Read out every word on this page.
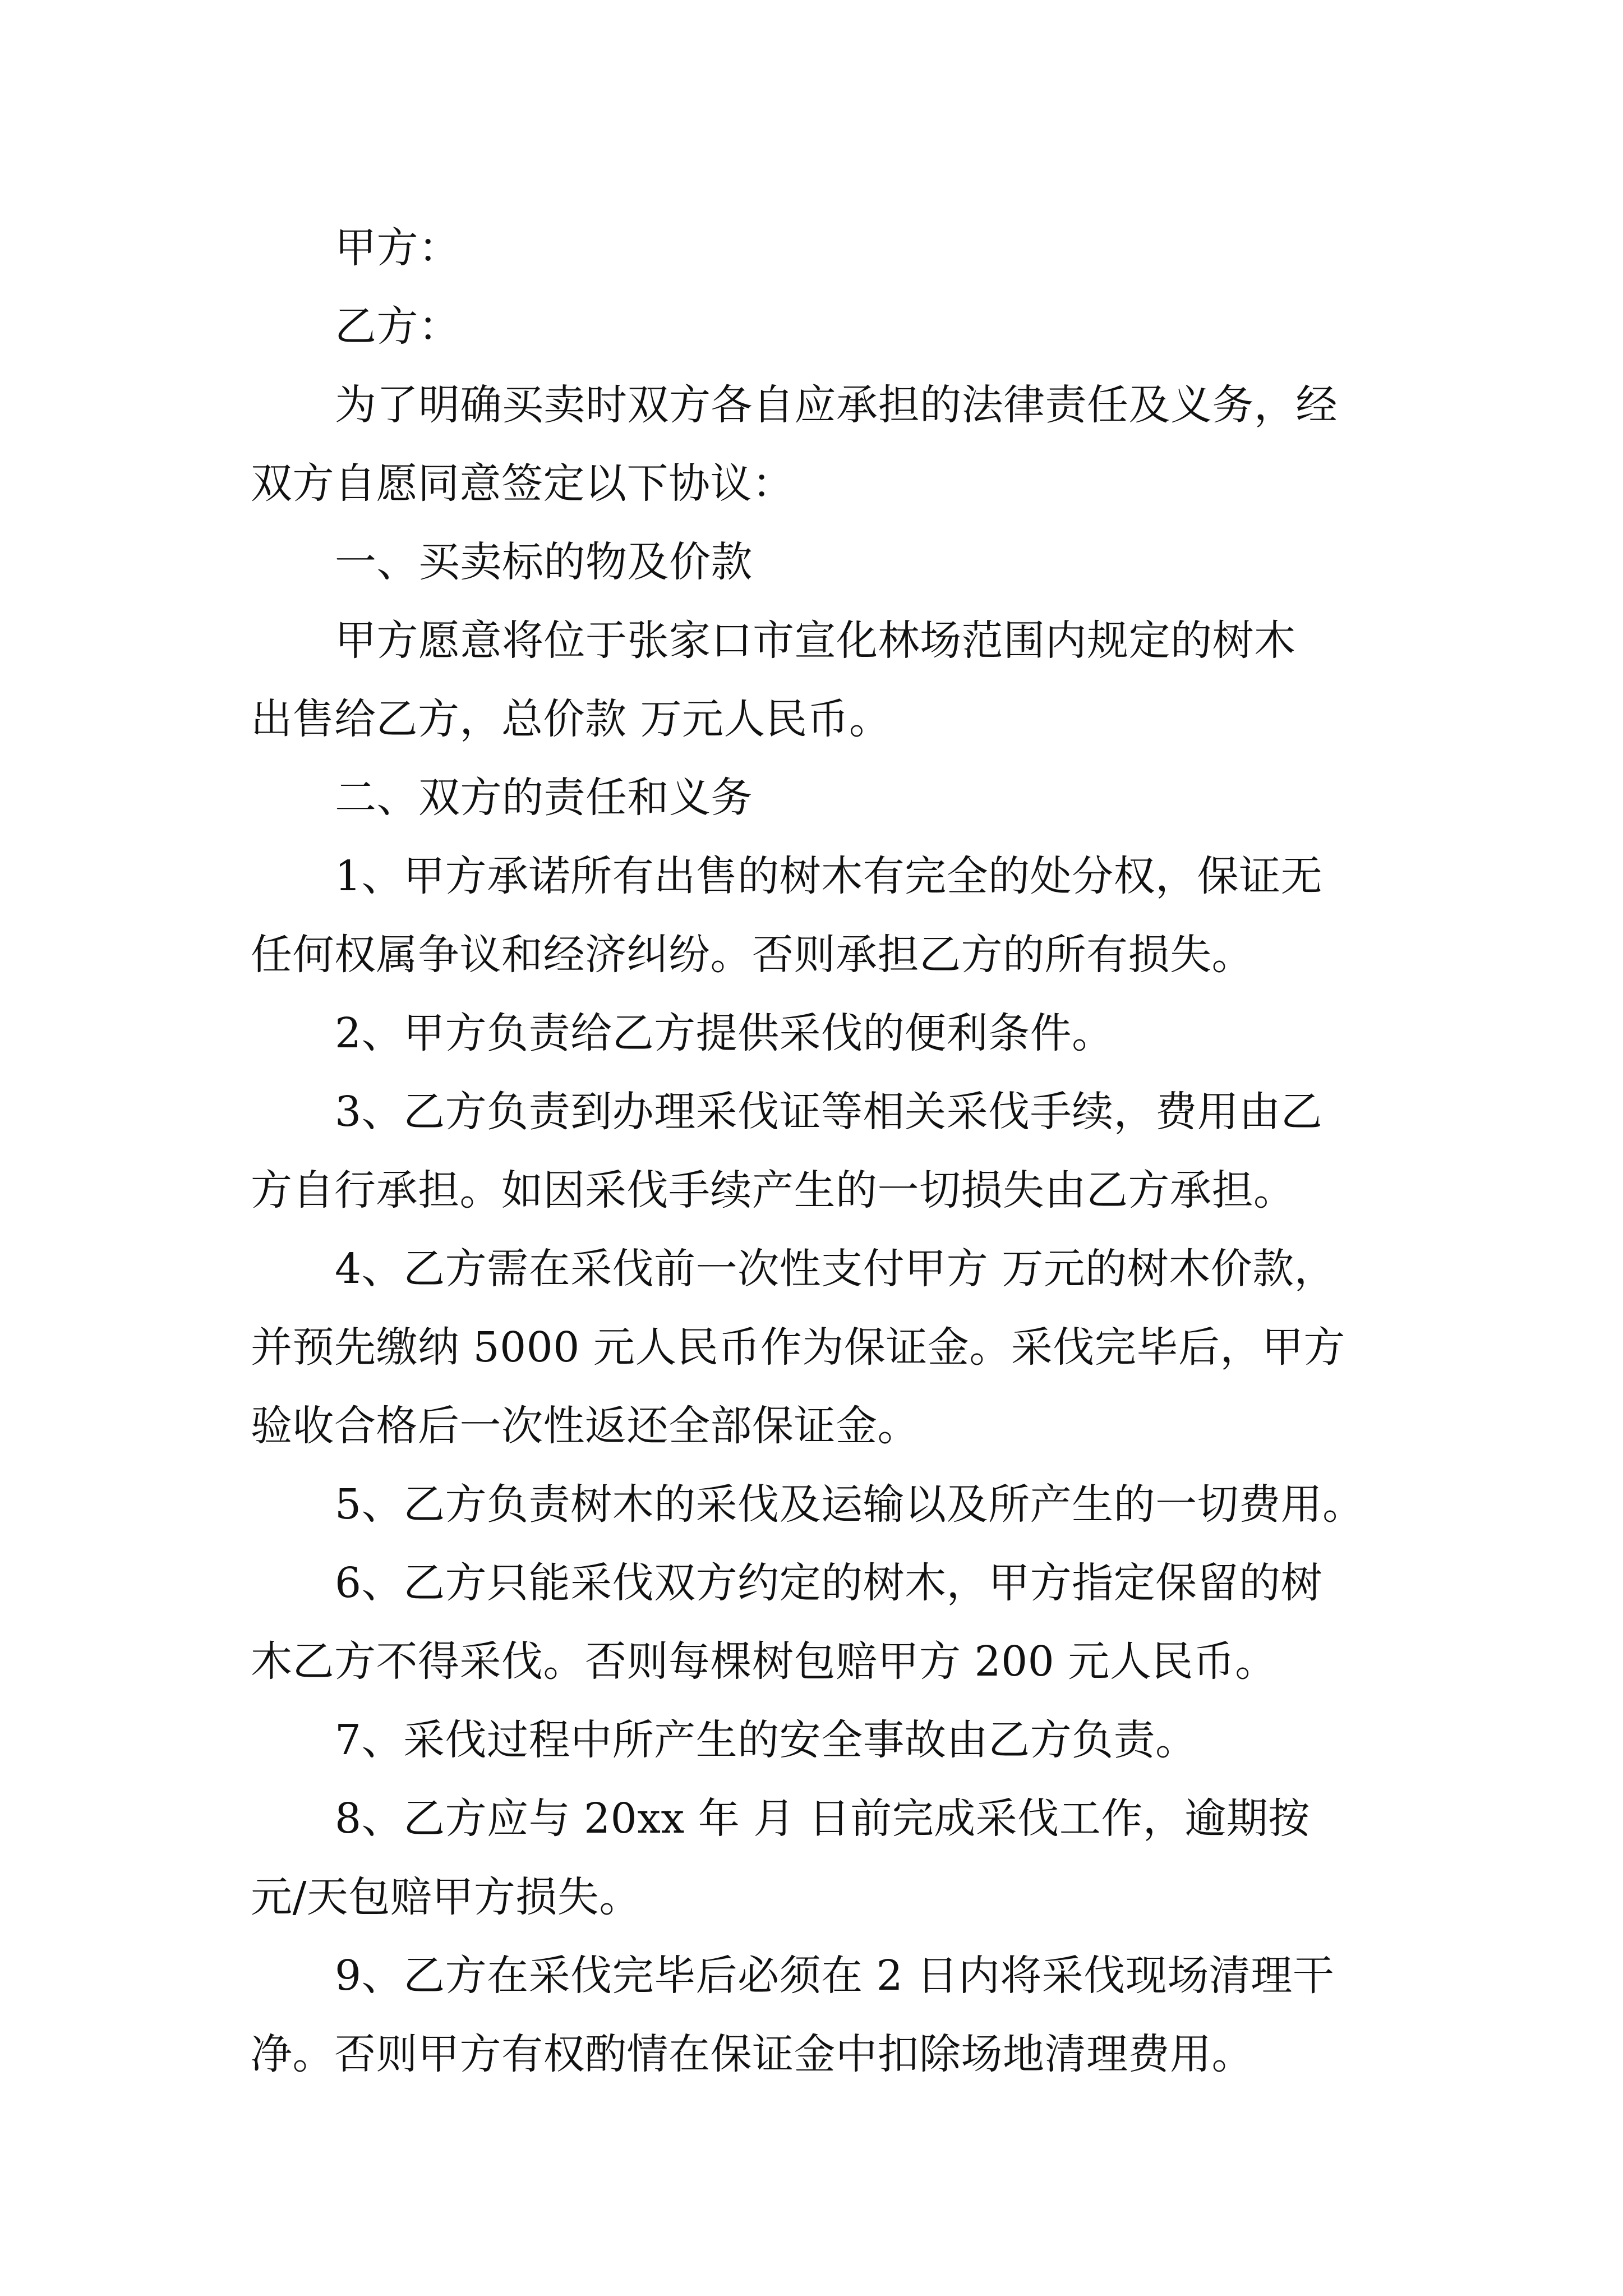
甲方：
乙方：
为了明确买卖时双方各自应承担的法律责任及义务，经
双方自愿同意签定以下协议：
一、买卖标的物及价款
甲方愿意将位于张家口市宣化林场范围内规定的树木
出售给乙方，总价款 万元人民币。
二、双方的责任和义务
1、甲方承诺所有出售的树木有完全的处分权，保证无
任何权属争议和经济纠纷。否则承担乙方的所有损失。
2、甲方负责给乙方提供采伐的便利条件。
3、乙方负责到办理采伐证等相关采伐手续，费用由乙
方自行承担。如因采伐手续产生的一切损失由乙方承担。
4、乙方需在采伐前一次性支付甲方 万元的树木价款，
并预先缴纳 5000 元人民币作为保证金。采伐完毕后，甲方
验收合格后一次性返还全部保证金。
5、乙方负责树木的采伐及运输以及所产生的一切费用。
6、乙方只能采伐双方约定的树木，甲方指定保留的树
木乙方不得采伐。否则每棵树包赔甲方 200 元人民币。
7、采伐过程中所产生的安全事故由乙方负责。
8、乙方应与 20xx 年 月 日前完成采伐工作，逾期按
元/天包赔甲方损失。
9、乙方在采伐完毕后必须在 2 日内将采伐现场清理干
净。否则甲方有权酌情在保证金中扣除场地清理费用。
